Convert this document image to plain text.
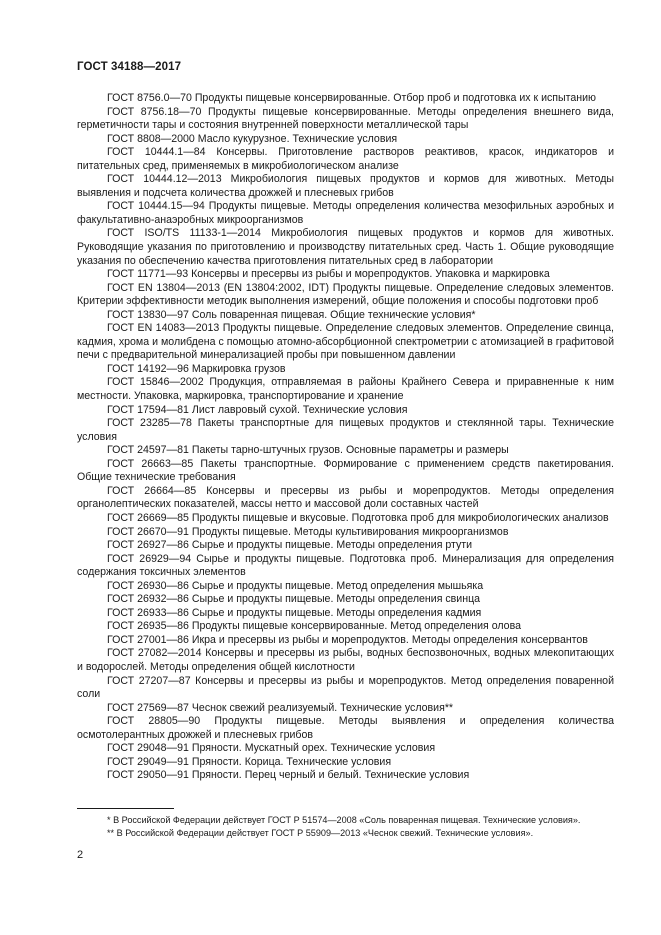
ГОСТ 34188—2017

ГОСТ 8756.0—70 Продукты пищевые консервированные. Отбор проб и подготовка их к испытанию

ГОСТ 8756.18—70 Продукты пищевые консервированные. Методы определения внешнего вида, герметичности тары и состояния внутренней поверхности металлической тары

ГОСТ 8808—2000 Масло кукурузное. Технические условия

ГОСТ 10444.1—84 Консервы. Приготовление растворов реактивов, красок, индикаторов и питательных сред, применяемых в микробиологическом анализе

ГОСТ 10444.12—2013 Микробиология пищевых продуктов и кормов для животных. Методы выявления и подсчета количества дрожжей и плесневых грибов

ГОСТ 10444.15—94 Продукты пищевые. Методы определения количества мезофильных аэробных и факультативно-анаэробных микроорганизмов

ГОСТ ISO/TS 11133-1—2014 Микробиология пищевых продуктов и кормов для животных. Руководящие указания по приготовлению и производству питательных сред. Часть 1. Общие руководящие указания по обеспечению качества приготовления питательных сред в лаборатории

ГОСТ 11771—93 Консервы и пресервы из рыбы и морепродуктов. Упаковка и маркировка

ГОСТ EN 13804—2013 (EN 13804:2002, IDT) Продукты пищевые. Определение следовых элементов. Критерии эффективности методик выполнения измерений, общие положения и способы подготовки проб

ГОСТ 13830—97 Соль поваренная пищевая. Общие технические условия*

ГОСТ EN 14083—2013 Продукты пищевые. Определение следовых элементов. Определение свинца, кадмия, хрома и молибдена с помощью атомно-абсорбционной спектрометрии с атомизацией в графитовой печи с предварительной минерализацией пробы при повышенном давлении

ГОСТ 14192—96 Маркировка грузов

ГОСТ 15846—2002 Продукция, отправляемая в районы Крайнего Севера и приравненные к ним местности. Упаковка, маркировка, транспортирование и хранение

ГОСТ 17594—81 Лист лавровый сухой. Технические условия

ГОСТ 23285—78 Пакеты транспортные для пищевых продуктов и стеклянной тары. Технические условия

ГОСТ 24597—81 Пакеты тарно-штучных грузов. Основные параметры и размеры

ГОСТ 26663—85 Пакеты транспортные. Формирование с применением средств пакетирования. Общие технические требования

ГОСТ 26664—85 Консервы и пресервы из рыбы и морепродуктов. Методы определения органолептических показателей, массы нетто и массовой доли составных частей

ГОСТ 26669—85 Продукты пищевые и вкусовые. Подготовка проб для микробиологических анализов

ГОСТ 26670—91 Продукты пищевые. Методы культивирования микроорганизмов

ГОСТ 26927—86 Сырье и продукты пищевые. Методы определения ртути

ГОСТ 26929—94 Сырье и продукты пищевые. Подготовка проб. Минерализация для определения содержания токсичных элементов

ГОСТ 26930—86 Сырье и продукты пищевые. Метод определения мышьяка

ГОСТ 26932—86 Сырье и продукты пищевые. Методы определения свинца

ГОСТ 26933—86 Сырье и продукты пищевые. Методы определения кадмия

ГОСТ 26935—86 Продукты пищевые консервированные. Метод определения олова

ГОСТ 27001—86 Икра и пресервы из рыбы и морепродуктов. Методы определения консервантов

ГОСТ 27082—2014 Консервы и пресервы из рыбы, водных беспозвоночных, водных млекопитающих и водорослей. Методы определения общей кислотности

ГОСТ 27207—87 Консервы и пресервы из рыбы и морепродуктов. Метод определения поваренной соли

ГОСТ 27569—87 Чеснок свежий реализуемый. Технические условия**

ГОСТ 28805—90 Продукты пищевые. Методы выявления и определения количества осмотолерантных дрожжей и плесневых грибов

ГОСТ 29048—91 Пряности. Мускатный орех. Технические условия

ГОСТ 29049—91 Пряности. Корица. Технические условия

ГОСТ 29050—91 Пряности. Перец черный и белый. Технические условия

* В Российской Федерации действует ГОСТ Р 51574—2008 «Соль поваренная пищевая. Технические условия».

** В Российской Федерации действует ГОСТ Р 55909—2013 «Чеснок свежий. Технические условия».

2
